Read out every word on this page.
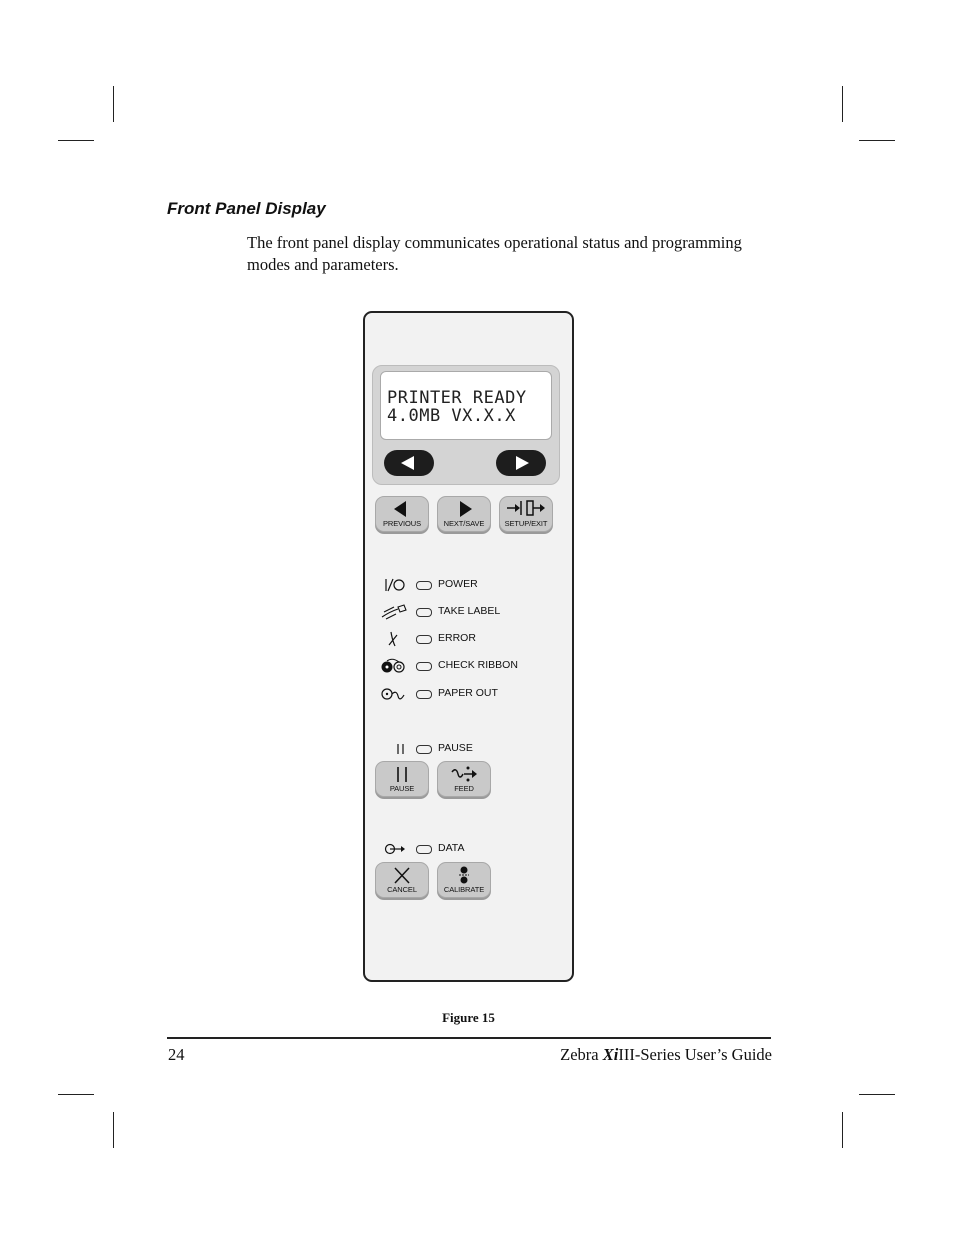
Front Panel Display
The front panel display communicates operational status and programming modes and parameters.
PRINTER READY
4.0MB VX.X.X
PREVIOUS	NEXT/SAVE	SETUP/EXIT
POWER
TAKE LABEL
ERROR
CHECK RIBBON
PAPER OUT
PAUSE
PAUSE	FEED
DATA
CANCEL	CALIBRATE
Figure 15
24	Zebra XiIII-Series User’s Guide
